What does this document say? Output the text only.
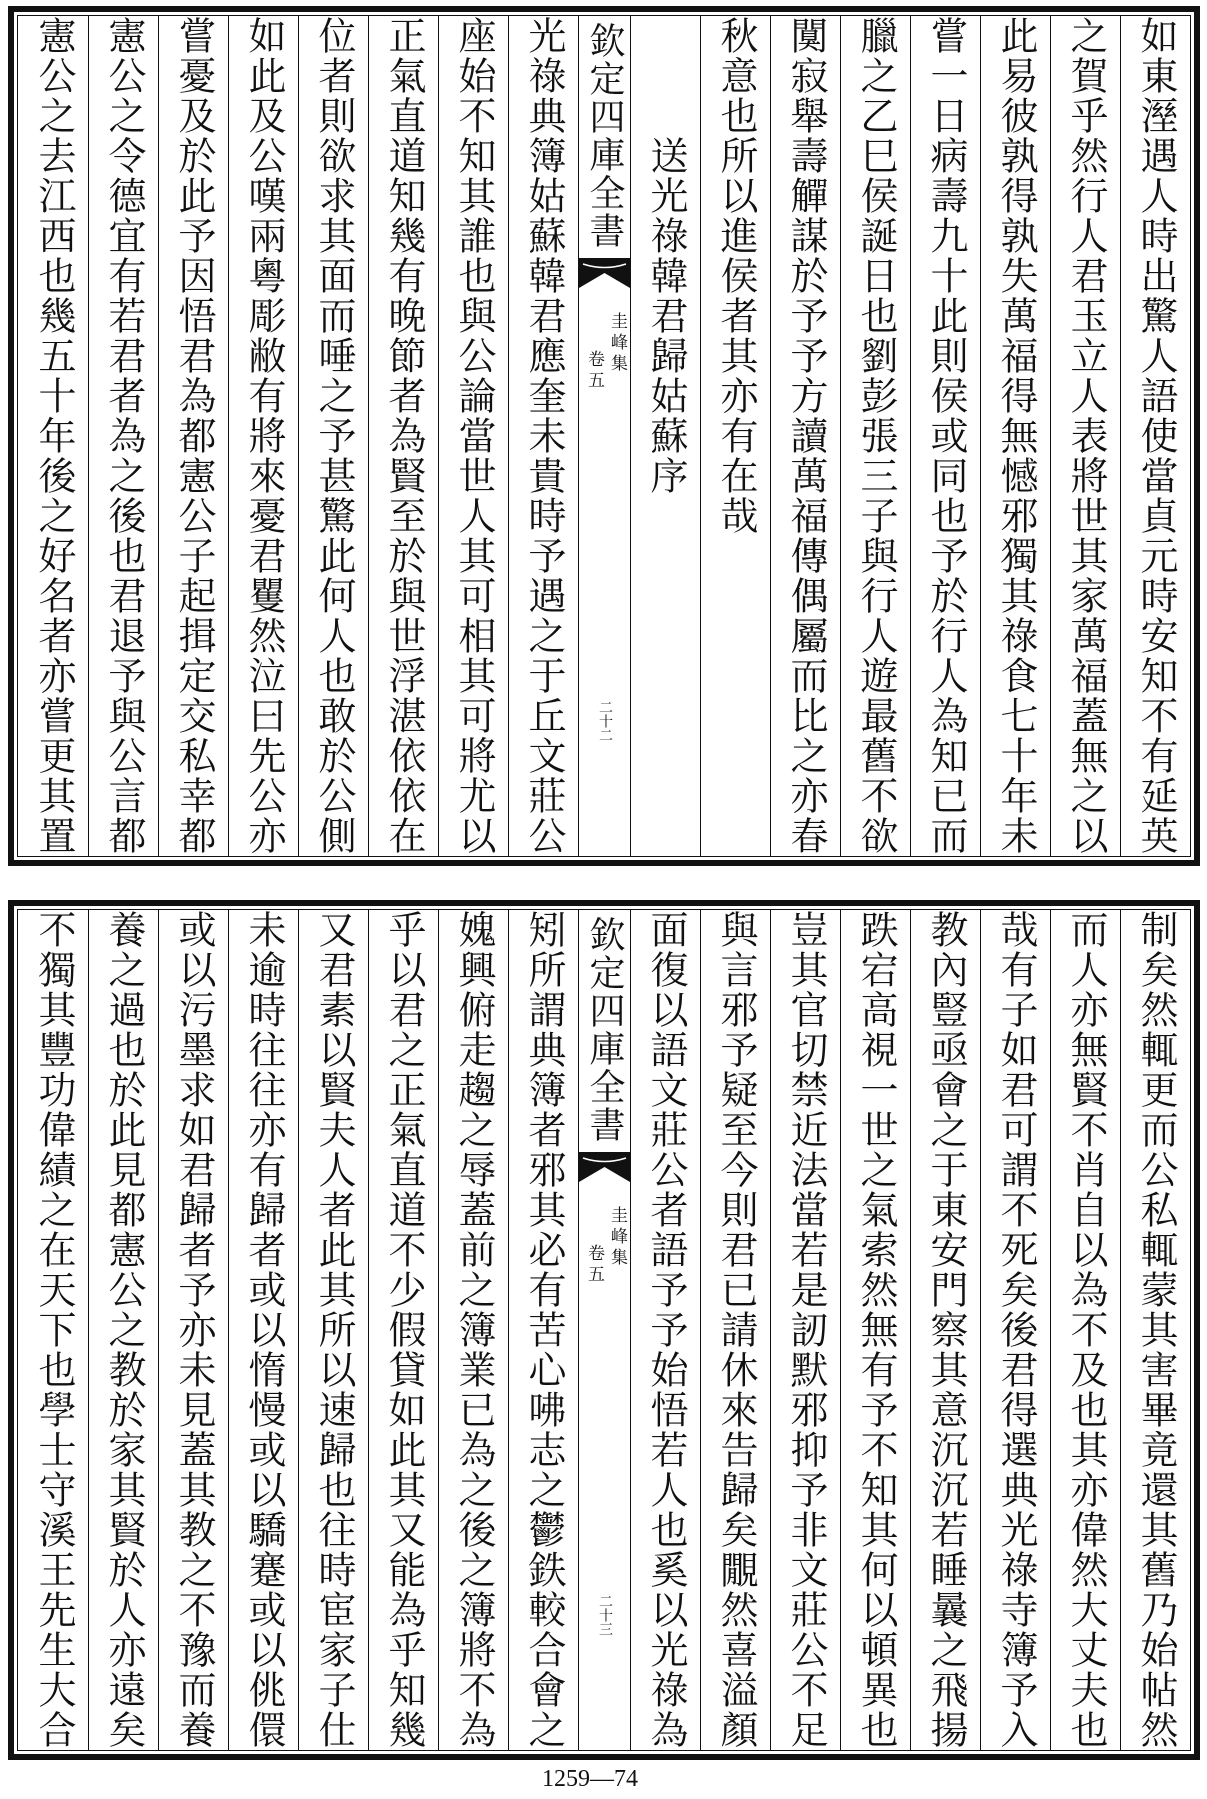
如東溼遇人時出驚人語使當貞元時安知不有延英
之賀乎然行人君玉立人表將世其家萬福蓋無之以
此易彼孰得孰失萬福得無憾邪獨其祿食七十年未
嘗一日病壽九十此則侯或同也予於行人為知已而
臘之乙巳侯誕日也劉彭張三子與行人遊最舊不欲
闃寂舉壽觶謀於予予方讀萬福傳偶屬而比之亦春
秋意也所以進侯者其亦有在哉
送光祿韓君歸姑蘇序
欽定四庫全書
圭峰集
卷五
二十二
光祿典簿姑蘇韓君應奎未貴時予遇之于丘文莊公
座始不知其誰也與公論當世人其可相其可將尤以
正氣直道知幾有晚節者為賢至於與世浮湛依依在
位者則欲求其面而唾之予甚驚此何人也敢於公側
如此及公嘆兩粵彫敝有將來憂君矍然泣曰先公亦
嘗憂及於此予因悟君為都憲公子起揖定交私幸都
憲公之令德宜有若君者為之後也君退予與公言都
憲公之去江西也幾五十年後之好名者亦嘗更其置
制矣然輒更而公私輒蒙其害畢竟還其舊乃始帖然
而人亦無賢不肖自以為不及也其亦偉然大丈夫也
哉有子如君可謂不死矣後君得選典光祿寺簿予入
教內豎亟會之于東安門察其意沉沉若睡曩之飛揚
跌宕高視一世之氣索然無有予不知其何以頓異也
豈其官切禁近法當若是訒默邪抑予非文莊公不足
與言邪予疑至今則君已請休來告歸矣覵然喜溢顏
面復以語文莊公者語予予始悟若人也奚以光祿為
欽定四庫全書
圭峰集
卷五
二十三
矧所謂典簿者邪其必有苦心咈志之鬱鉄較合會之
媿興俯走趨之辱蓋前之簿業已為之後之簿將不為
乎以君之正氣直道不少假貸如此其又能為乎知幾
又君素以賢夫人者此其所以速歸也往時宦家子仕
未逾時往往亦有歸者或以惰慢或以驕蹇或以佻儇
或以污墨求如君歸者予亦未見蓋其教之不豫而養
養之過也於此見都憲公之教於家其賢於人亦遠矣
不獨其豐功偉績之在天下也學士守溪王先生大合
1259—74
